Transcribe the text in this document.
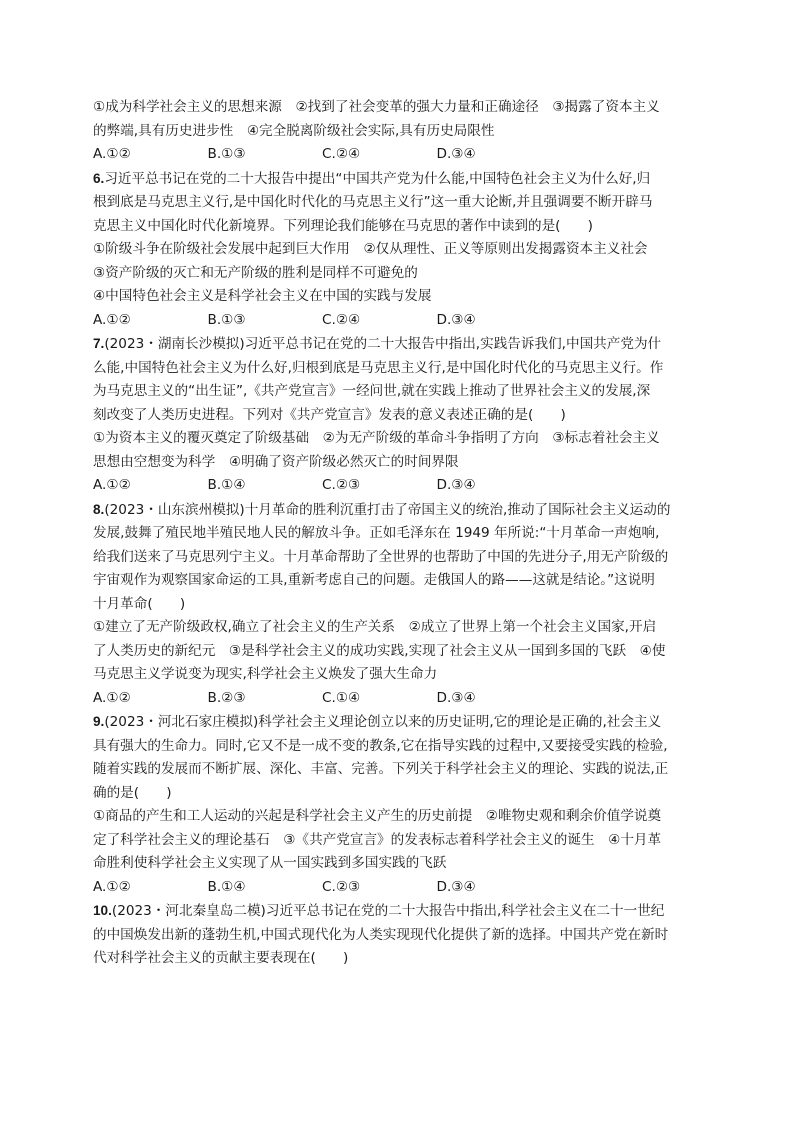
①成为科学社会主义的思想来源　②找到了社会变革的强大力量和正确途径　③揭露了资本主义

的弊端,具有历史进步性　④完全脱离阶级社会实际,具有历史局限性

A.①②	B.①③	C.②④	D.③④

6.习近平总书记在党的二十大报告中提出“中国共产党为什么能,中国特色社会主义为什么好,归

根到底是马克思主义行,是中国化时代化的马克思主义行”这一重大论断,并且强调要不断开辟马

克思主义中国化时代化新境界。下列理论我们能够在马克思的著作中读到的是(　　)

①阶级斗争在阶级社会发展中起到巨大作用　②仅从理性、正义等原则出发揭露资本主义社会

③资产阶级的灭亡和无产阶级的胜利是同样不可避免的

④中国特色社会主义是科学社会主义在中国的实践与发展

A.①②	B.①③	C.②④	D.③④

7.(2023・湖南长沙模拟)习近平总书记在党的二十大报告中指出,实践告诉我们,中国共产党为什

么能,中国特色社会主义为什么好,归根到底是马克思主义行,是中国化时代化的马克思主义行。作

为马克思主义的“出生证”,《共产党宣言》一经问世,就在实践上推动了世界社会主义的发展,深

刻改变了人类历史进程。下列对《共产党宣言》发表的意义表述正确的是(　　)

①为资本主义的覆灭奠定了阶级基础　②为无产阶级的革命斗争指明了方向　③标志着社会主义

思想由空想变为科学　④明确了资产阶级必然灭亡的时间界限

A.①②	B.①④	C.②③	D.③④

8.(2023・山东滨州模拟)十月革命的胜利沉重打击了帝国主义的统治,推动了国际社会主义运动的

发展,鼓舞了殖民地半殖民地人民的解放斗争。正如毛泽东在 1949 年所说:“十月革命一声炮响,

给我们送来了马克思列宁主义。十月革命帮助了全世界的也帮助了中国的先进分子,用无产阶级的

宇宙观作为观察国家命运的工具,重新考虑自己的问题。走俄国人的路——这就是结论。”这说明

十月革命(　　)

①建立了无产阶级政权,确立了社会主义的生产关系　②成立了世界上第一个社会主义国家,开启

了人类历史的新纪元　③是科学社会主义的成功实践,实现了社会主义从一国到多国的飞跃　④使

马克思主义学说变为现实,科学社会主义焕发了强大生命力

A.①②	B.②③	C.①④	D.③④

9.(2023・河北石家庄模拟)科学社会主义理论创立以来的历史证明,它的理论是正确的,社会主义

具有强大的生命力。同时,它又不是一成不变的教条,它在指导实践的过程中,又要接受实践的检验,

随着实践的发展而不断扩展、深化、丰富、完善。下列关于科学社会主义的理论、实践的说法,正

确的是(　　)

①商品的产生和工人运动的兴起是科学社会主义产生的历史前提　②唯物史观和剩余价值学说奠

定了科学社会主义的理论基石　③《共产党宣言》的发表标志着科学社会主义的诞生　④十月革

命胜利使科学社会主义实现了从一国实践到多国实践的飞跃

A.①②	B.①④	C.②③	D.③④

10.(2023・河北秦皇岛二模)习近平总书记在党的二十大报告中指出,科学社会主义在二十一世纪

的中国焕发出新的蓬勃生机,中国式现代化为人类实现现代化提供了新的选择。中国共产党在新时

代对科学社会主义的贡献主要表现在(　　)
